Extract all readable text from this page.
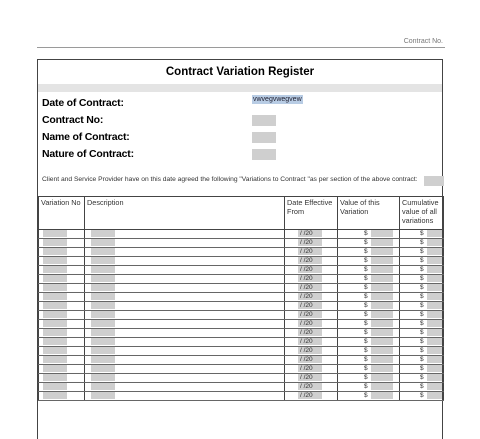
Contract No.
Contract Variation Register
Date of Contract:	vwvegvwegvew
Contract No:
Name of Contract:
Nature of Contract:
Client and Service Provider have on this date agreed the following "Variations to Contract "as per section of the above contract:
Variation No	Description	Date Effective From	Value of this Variation	Cumulative value of all variations

		/ /20	$	$

		/ /20	$	$

		/ /20	$	$

		/ /20	$	$

		/ /20	$	$

		/ /20	$	$

		/ /20	$	$

		/ /20	$	$

		/ /20	$	$

		/ /20	$	$

		/ /20	$	$

		/ /20	$	$

		/ /20	$	$

		/ /20	$	$

		/ /20	$	$

		/ /20	$	$

		/ /20	$	$

		/ /20	$	$

		/ /20	$	$
